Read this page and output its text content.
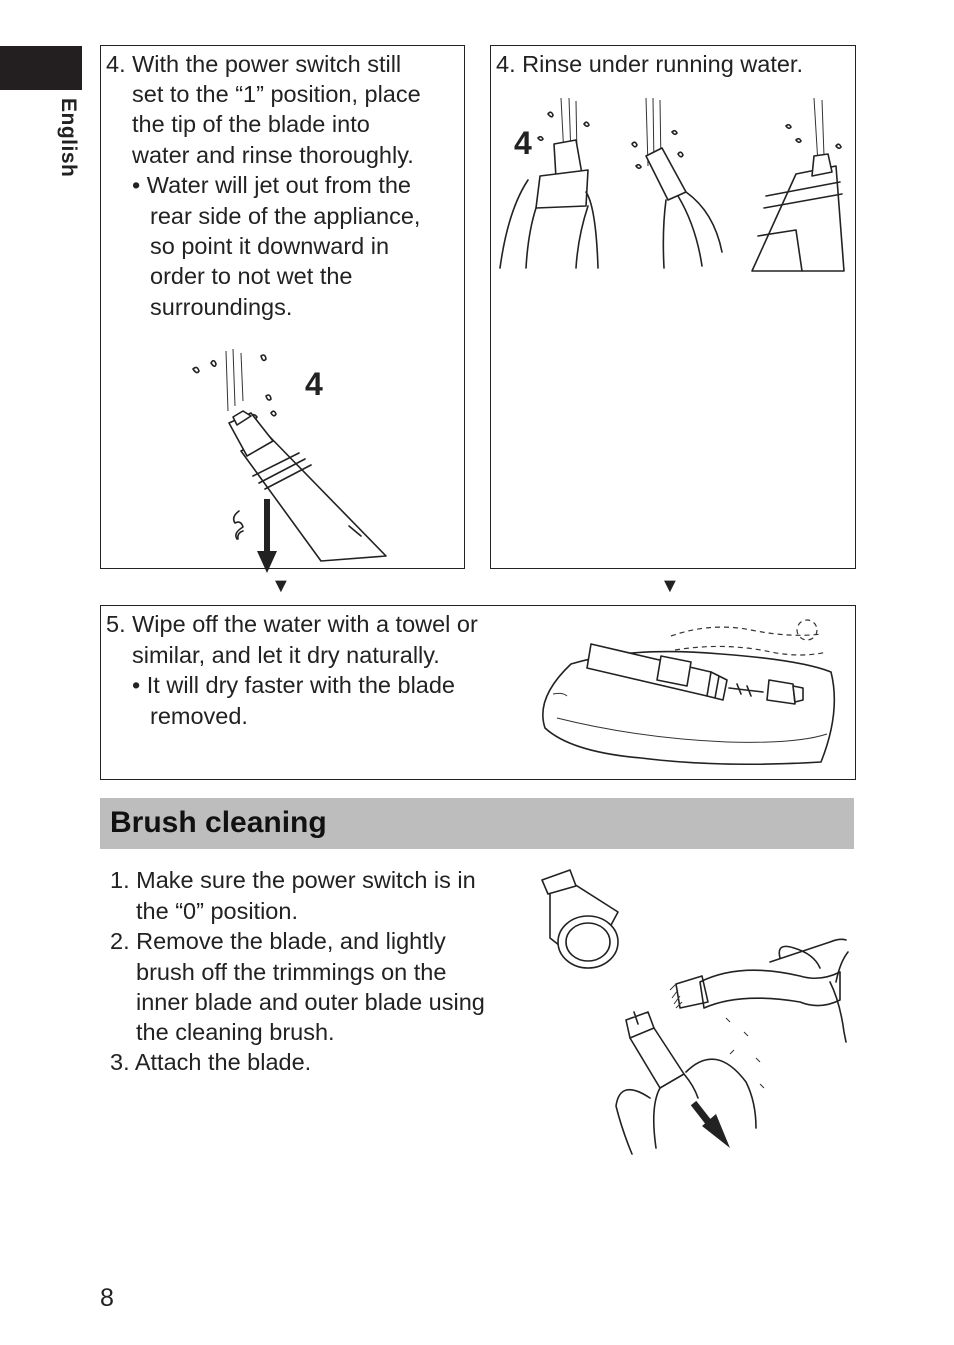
English
4. With the power switch still
set to the “1” position, place
the tip of the blade into
water and rinse thoroughly.
• Water will jet out from the
rear side of the appliance,
so point it downward in
order to not wet the
surroundings.
4
4. Rinse under running water.
4
▼	▼
5. Wipe off the water with a towel or
similar, and let it dry naturally.
• It will dry faster with the blade
removed.
Brush cleaning
1. Make sure the power switch is in
the “0” position.
2. Remove the blade, and lightly
brush off the trimmings on the
inner blade and outer blade using
the cleaning brush.
3. Attach the blade.
8
